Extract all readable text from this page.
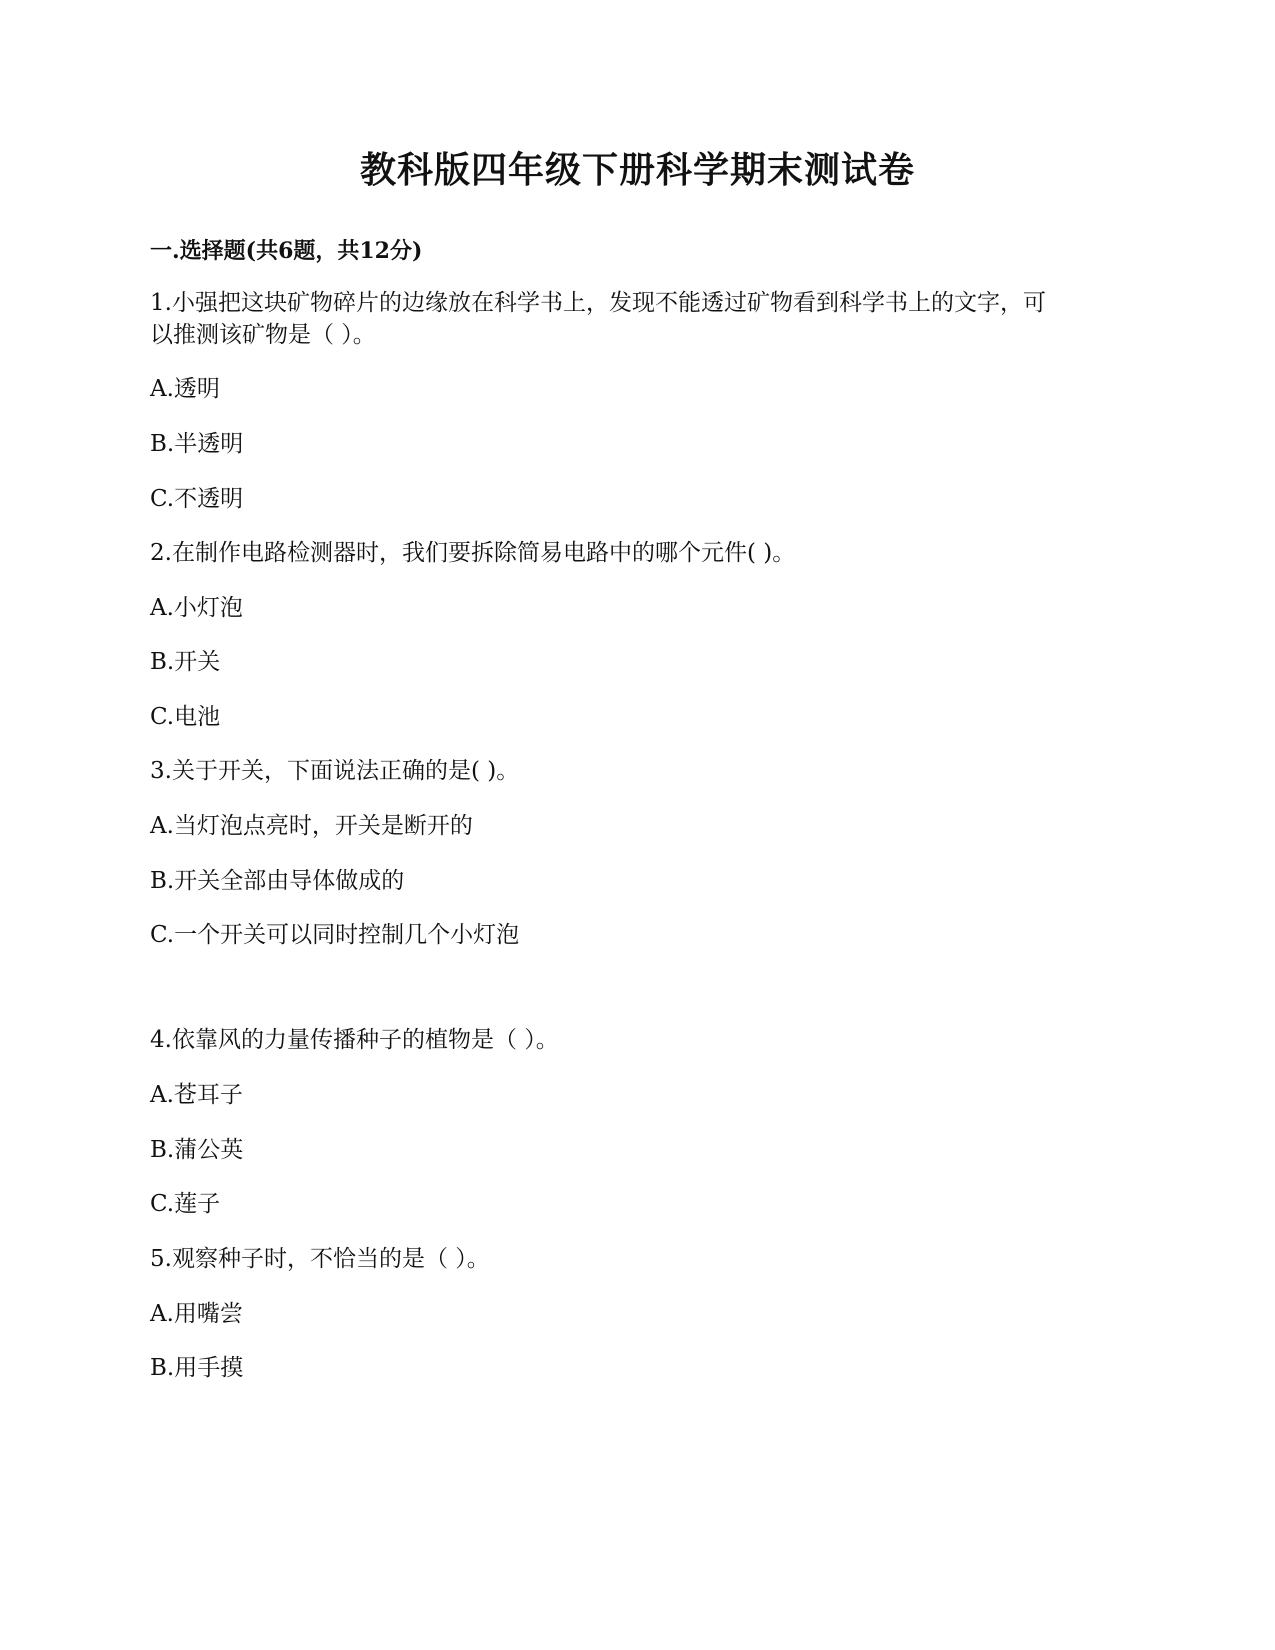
教科版四年级下册科学期末测试卷
一.选择题(共6题，共12分)
1.小强把这块矿物碎片的边缘放在科学书上，发现不能透过矿物看到科学书上的文字，可
以推测该矿物是（ ）。
A.透明
B.半透明
C.不透明
2.在制作电路检测器时，我们要拆除简易电路中的哪个元件( )。
A.小灯泡
B.开关
C.电池
3.关于开关，下面说法正确的是( )。
A.当灯泡点亮时，开关是断开的
B.开关全部由导体做成的
C.一个开关可以同时控制几个小灯泡
4.依靠风的力量传播种子的植物是（ ）。
A.苍耳子
B.蒲公英
C.莲子
5.观察种子时，不恰当的是（ ）。
A.用嘴尝
B.用手摸
